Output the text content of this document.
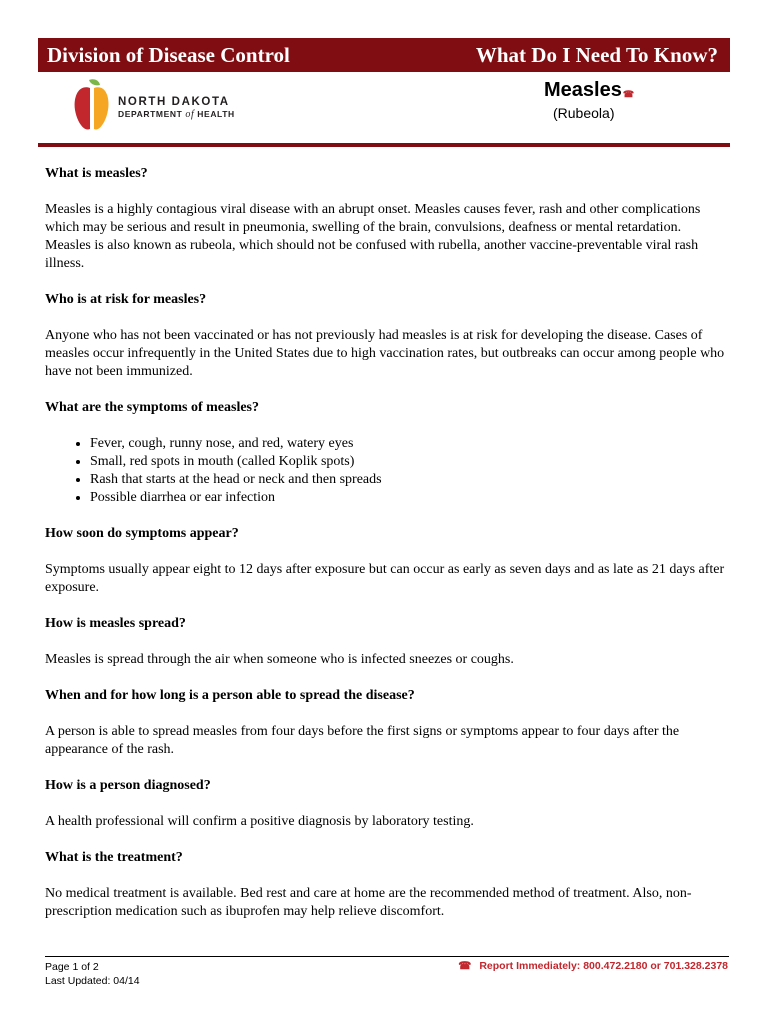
Division of Disease Control	What Do I Need To Know?
NORTH DAKOTA
DEPARTMENT of HEALTH
Measles☎
(Rubeola)
What is measles?

Measles is a highly contagious viral disease with an abrupt onset. Measles causes fever, rash and other complications which may be serious and result in pneumonia, swelling of the brain, convulsions, deafness or mental retardation. Measles is also known as rubeola, which should not be confused with rubella, another vaccine-preventable viral rash illness.

Who is at risk for measles?

Anyone who has not been vaccinated or has not previously had measles is at risk for developing the disease. Cases of measles occur infrequently in the United States due to high vaccination rates, but outbreaks can occur among people who have not been immunized.

What are the symptoms of measles?
• Fever, cough, runny nose, and red, watery eyes
• Small, red spots in mouth (called Koplik spots)
• Rash that starts at the head or neck and then spreads
• Possible diarrhea or ear infection
How soon do symptoms appear?

Symptoms usually appear eight to 12 days after exposure but can occur as early as seven days and as late as 21 days after exposure.

How is measles spread?

Measles is spread through the air when someone who is infected sneezes or coughs.

When and for how long is a person able to spread the disease?

A person is able to spread measles from four days before the first signs or symptoms appear to four days after the appearance of the rash.

How is a person diagnosed?

A health professional will confirm a positive diagnosis by laboratory testing.

What is the treatment?

No medical treatment is available. Bed rest and care at home are the recommended method of treatment. Also, non-prescription medication such as ibuprofen may help relieve discomfort.

Page 1 of 2
Last Updated: 04/14
☎ Report Immediately: 800.472.2180 or 701.328.2378
